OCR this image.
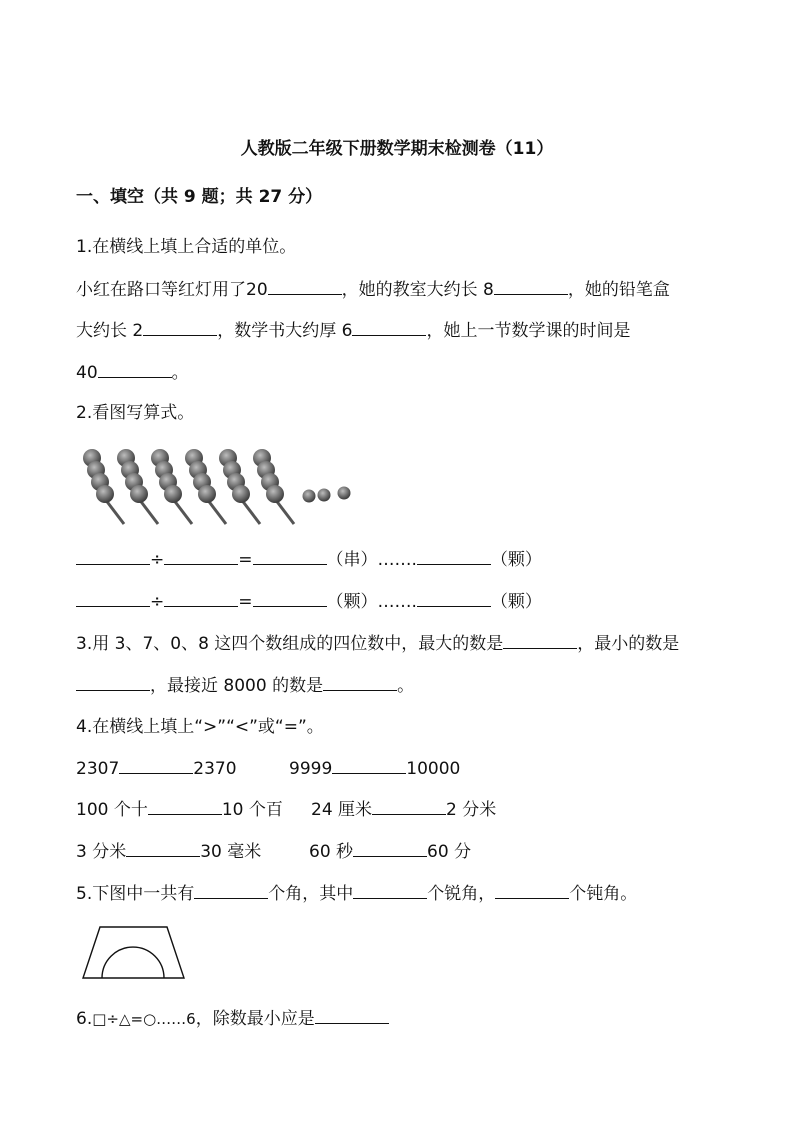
人教版二年级下册数学期末检测卷（11）
一、填空（共 9 题；共 27 分）
1.在横线上填上合适的单位。
小红在路口等红灯用了20	，她的教室大约长 8	，她的铅笔盒
大约长 2	，数学书大约厚 6	，她上一节数学课的时间是
40	。
2.看图写算式。
÷	=	（串）…….	（颗）
÷	=	（颗）…….	（颗）
3.用 3、7、0、8 这四个数组成的四位数中，最大的数是	，最小的数是
，最接近 8000 的数是	。
4.在横线上填上“>”“<”或“=”。
2307	2370	9999	10000
100 个十	10 个百 24 厘米	2 分米
3 分米	30 毫米	60 秒	60 分
5.下图中一共有	个角，其中	个锐角，	个钝角。
6.□÷△=○……6，除数最小应是
